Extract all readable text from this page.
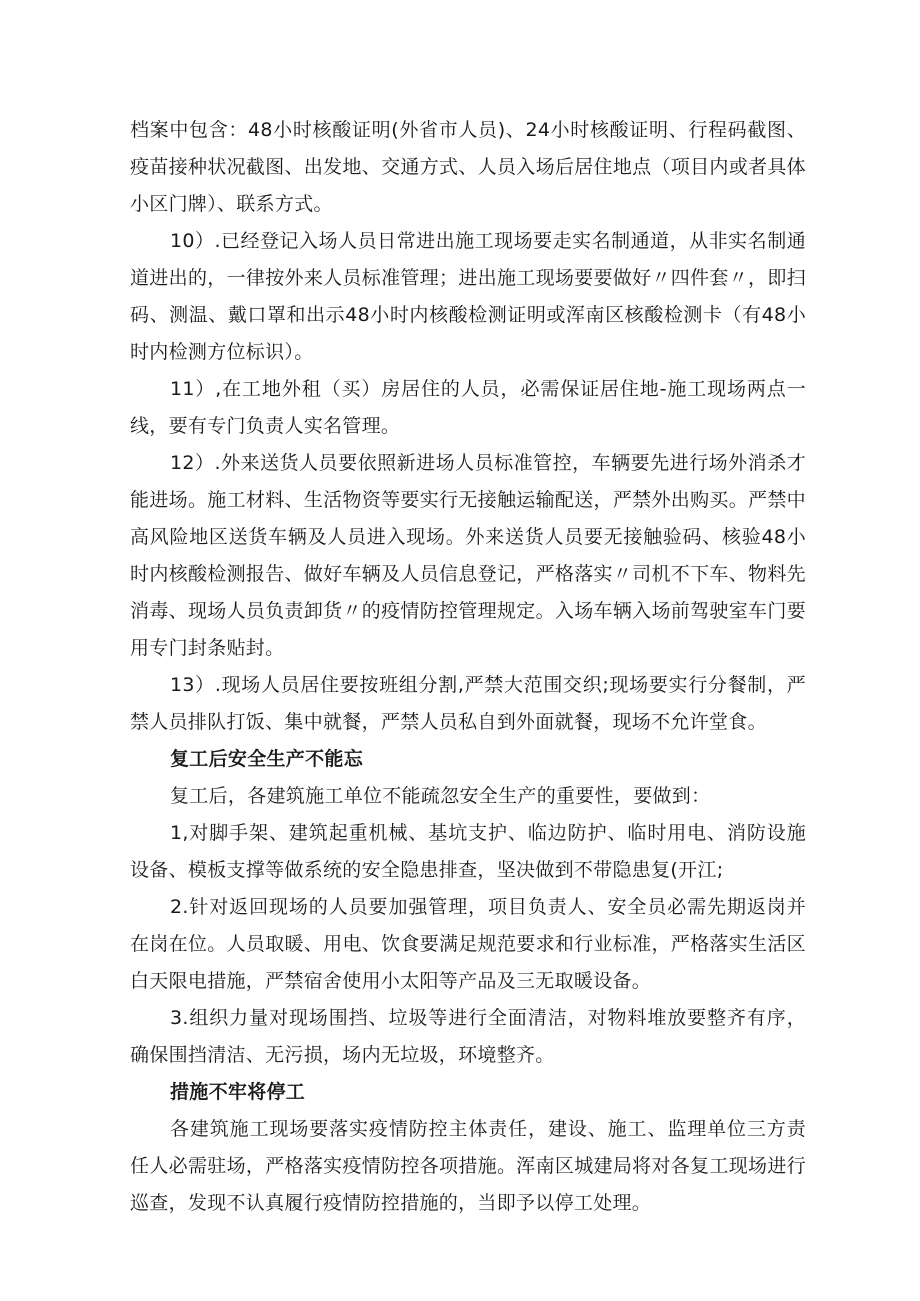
档案中包含：48小时核酸证明(外省市人员)、24小时核酸证明、行程码截图、疫苗接种状况截图、出发地、交通方式、人员入场后居住地点（项目内或者具体小区门牌）、联系方式。

10）.已经登记入场人员日常进出施工现场要走实名制通道，从非实名制通道进出的，一律按外来人员标准管理；进出施工现场要要做好〃四件套〃，即扫码、测温、戴口罩和出示48小时内核酸检测证明或浑南区核酸检测卡（有48小时内检测方位标识）。

11）,在工地外租（买）房居住的人员，必需保证居住地-施工现场两点一线，要有专门负责人实名管理。

12）.外来送货人员要依照新进场人员标准管控，车辆要先进行场外消杀才能进场。施工材料、生活物资等要实行无接触运输配送，严禁外出购买。严禁中高风险地区送货车辆及人员进入现场。外来送货人员要无接触验码、核验48小时内核酸检测报告、做好车辆及人员信息登记，严格落实〃司机不下车、物料先消毒、现场人员负责卸货〃的疫情防控管理规定。入场车辆入场前驾驶室车门要用专门封条贴封。

13）.现场人员居住要按班组分割,严禁大范围交织;现场要实行分餐制，严禁人员排队打饭、集中就餐，严禁人员私自到外面就餐，现场不允许堂食。

复工后安全生产不能忘

复工后，各建筑施工单位不能疏忽安全生产的重要性，要做到：

1,对脚手架、建筑起重机械、基坑支护、临边防护、临时用电、消防设施设备、模板支撑等做系统的安全隐患排查，坚决做到不带隐患复(开江;

2.针对返回现场的人员要加强管理，项目负责人、安全员必需先期返岗并在岗在位。人员取暖、用电、饮食要满足规范要求和行业标准，严格落实生活区白天限电措施，严禁宿舍使用小太阳等产品及三无取暖设备。

3.组织力量对现场围挡、垃圾等进行全面清洁，对物料堆放要整齐有序，确保围挡清洁、无污损，场内无垃圾，环境整齐。

措施不牢将停工

各建筑施工现场要落实疫情防控主体责任，建设、施工、监理单位三方责任人必需驻场，严格落实疫情防控各项措施。浑南区城建局将对各复工现场进行巡查，发现不认真履行疫情防控措施的，当即予以停工处理。
